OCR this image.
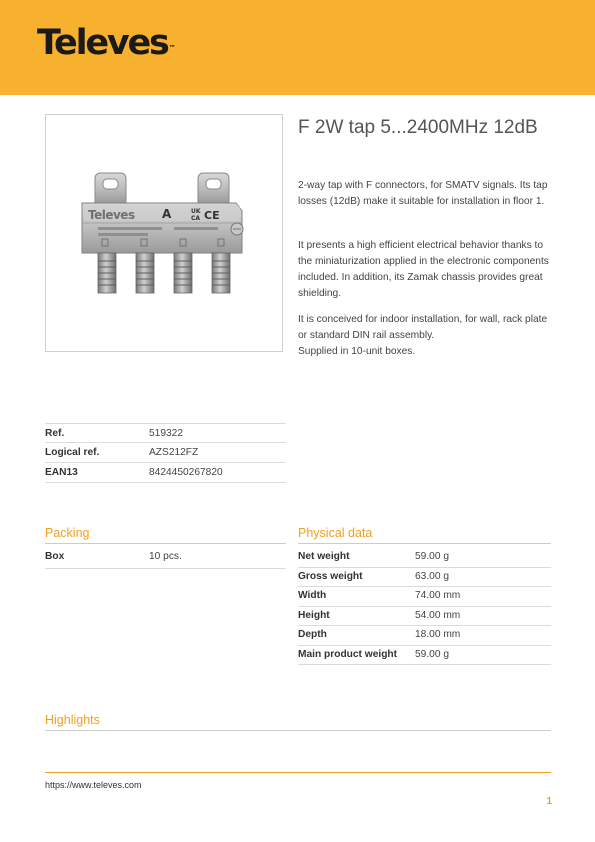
Televes™
Televes A	UK
CA CE
F 2W tap 5...2400MHz 12dB

2-way tap with F connectors, for SMATV signals. Its tap losses (12dB) make it suitable for installation in floor 1.

It presents a high efficient electrical behavior thanks to the miniaturization applied in the electronic components included. In addition, its Zamak chassis provides great shielding.

It is conceived for indoor installation, for wall, rack plate or standard DIN rail assembly.

Supplied in 10-unit boxes.

Ref.	519322
Logical ref.	AZS212FZ
EAN13	8424450267820
Packing
Box	10 pcs.
Physical data
Net weight	59.00 g
Gross weight	63.00 g
Width	74.00 mm
Height	54.00 mm
Depth	18.00 mm
Main product weight	59.00 g
Highlights
https://www.televes.com
1
